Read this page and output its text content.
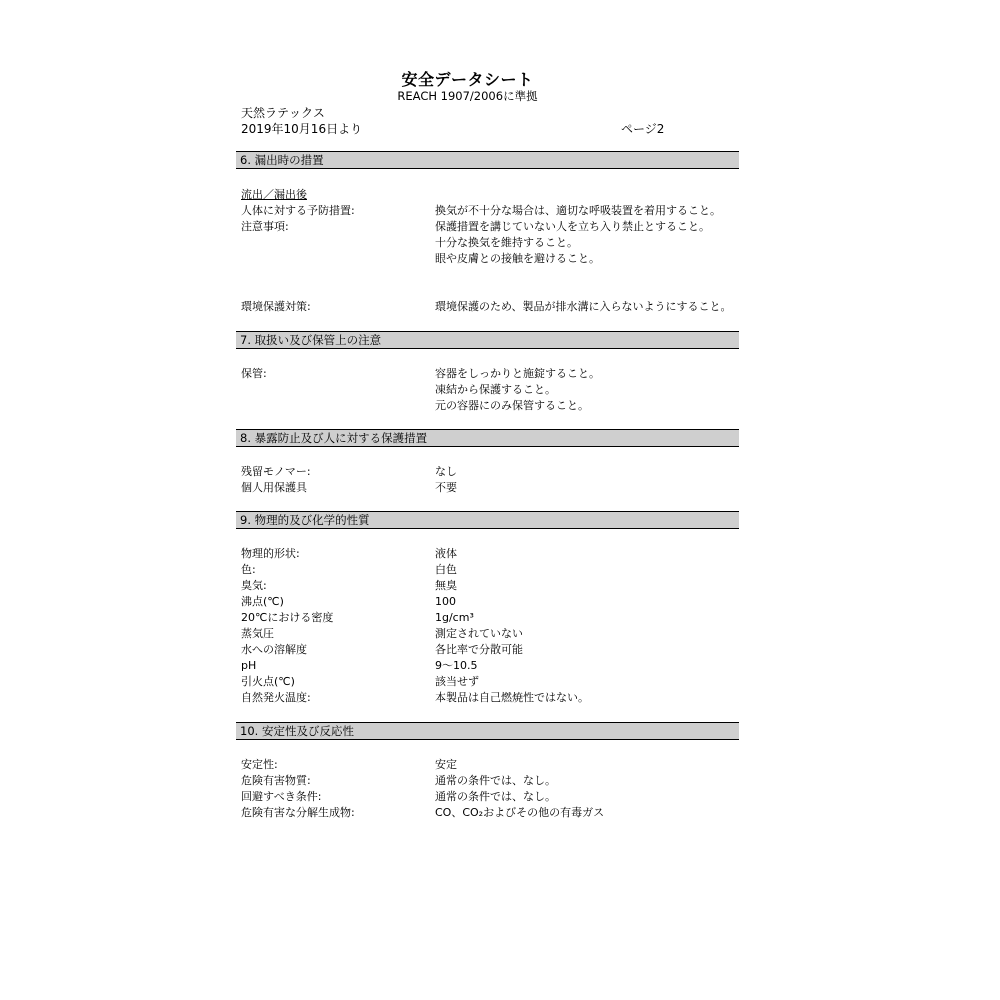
安全データシート
REACH 1907/2006に準拠
天然ラテックス
2019年10月16日より	ページ2
6. 漏出時の措置
流出／漏出後
人体に対する予防措置:	換気が不十分な場合は、適切な呼吸装置を着用すること。
注意事項:	保護措置を講じていない人を立ち入り禁止とすること。
十分な換気を維持すること。
眼や皮膚との接触を避けること。
環境保護対策:	環境保護のため、製品が排水溝に入らないようにすること。
7. 取扱い及び保管上の注意
保管:	容器をしっかりと施錠すること。
凍結から保護すること。
元の容器にのみ保管すること。
8. 暴露防止及び人に対する保護措置
残留モノマー:	なし
個人用保護具	不要
9. 物理的及び化学的性質
物理的形状:	液体
色:	白色
臭気:	無臭
沸点(℃)	100
20℃における密度	1g/cm³
蒸気圧	測定されていない
水への溶解度	各比率で分散可能
pH	9～10.5
引火点(℃)	該当せず
自然発火温度:	本製品は自己燃焼性ではない。
10. 安定性及び反応性
安定性:	安定
危険有害物質:	通常の条件では、なし。
回避すべき条件:	通常の条件では、なし。
危険有害な分解生成物:	CO、CO₂およびその他の有毒ガス
